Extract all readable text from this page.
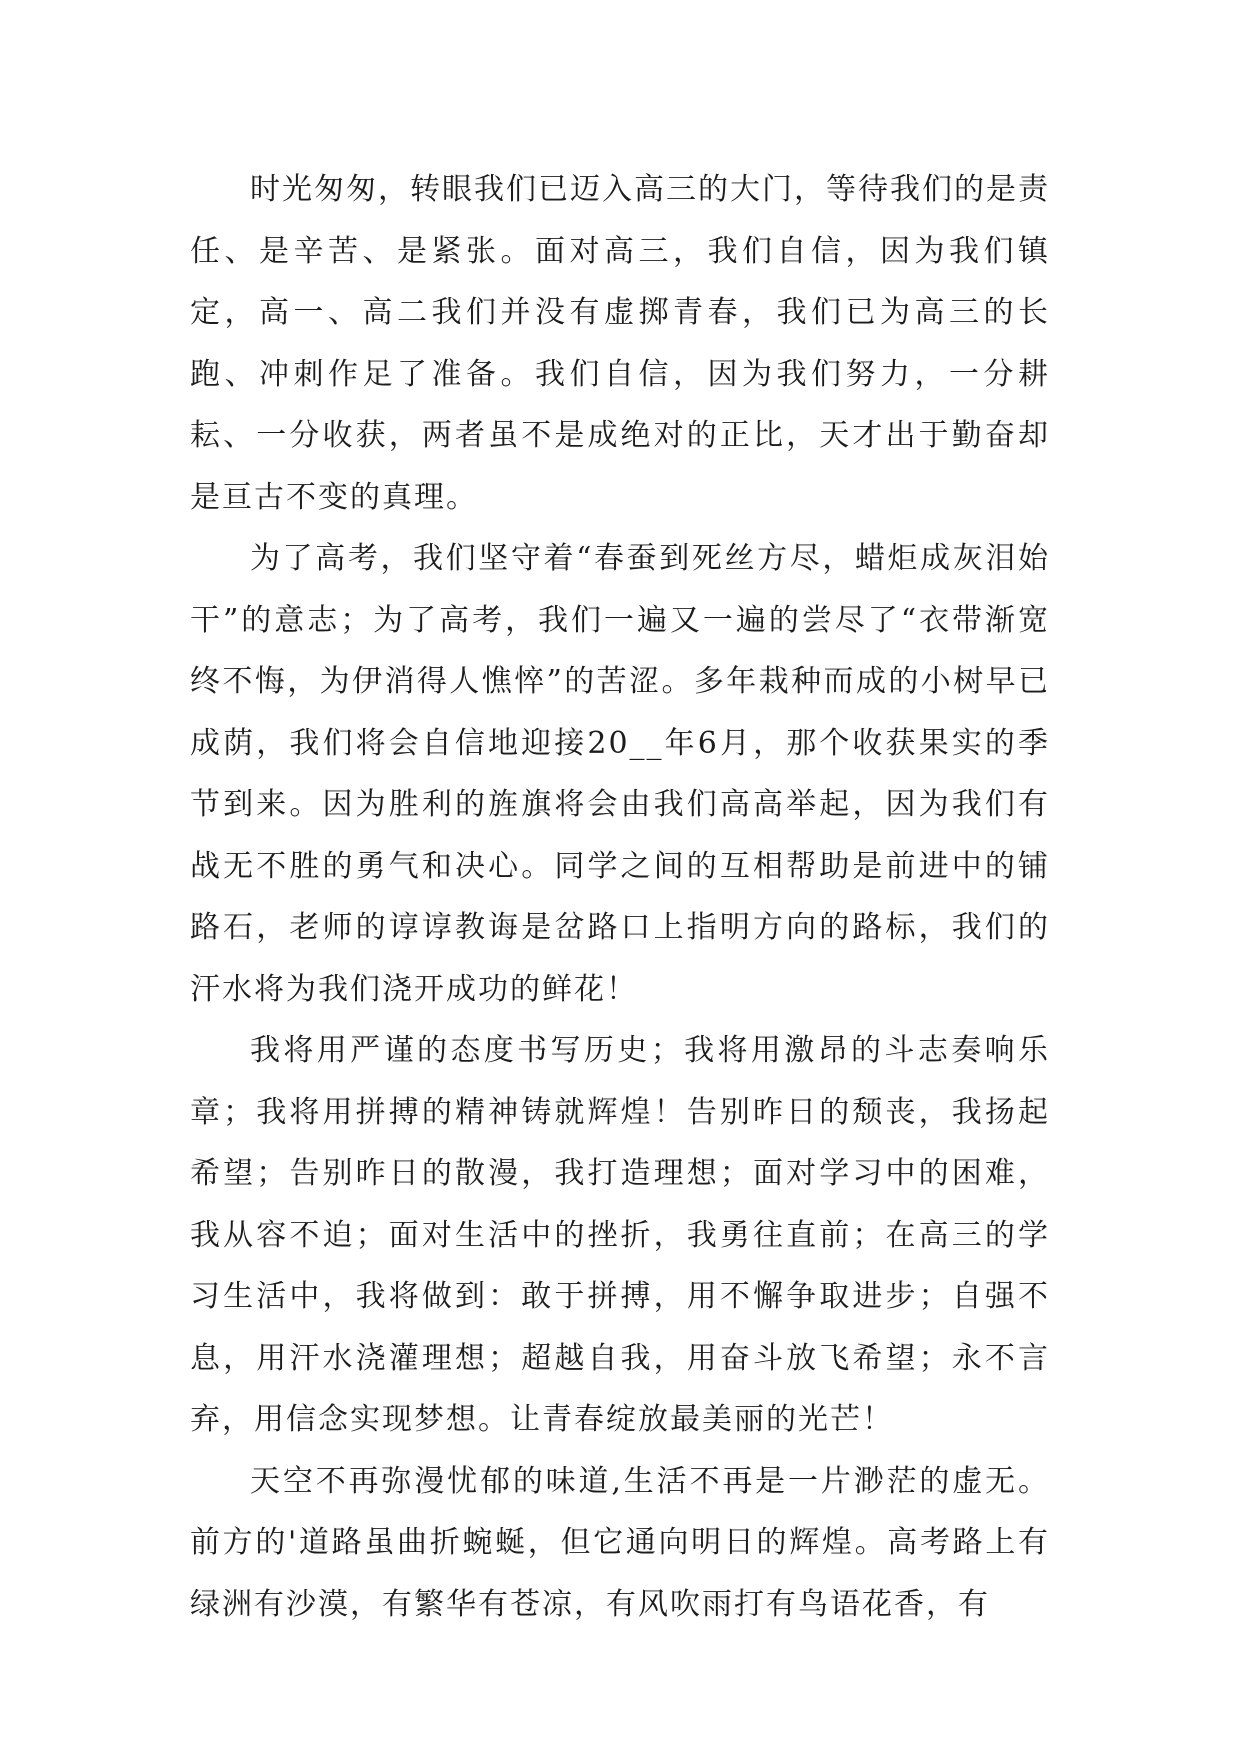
时光匆匆，转眼我们已迈入高三的大门，等待我们的是责任、是辛苦、是紧张。面对高三，我们自信，因为我们镇定，高一、高二我们并没有虚掷青春，我们已为高三的长跑、冲刺作足了准备。我们自信，因为我们努力，一分耕耘、一分收获，两者虽不是成绝对的正比，天才出于勤奋却是亘古不变的真理。

为了高考，我们坚守着“春蚕到死丝方尽，蜡炬成灰泪始干”的意志；为了高考，我们一遍又一遍的尝尽了“衣带渐宽终不悔，为伊消得人憔悴”的苦涩。多年栽种而成的小树早已成荫，我们将会自信地迎接20__年6月，那个收获果实的季节到来。因为胜利的旌旗将会由我们高高举起，因为我们有战无不胜的勇气和决心。同学之间的互相帮助是前进中的铺路石，老师的谆谆教诲是岔路口上指明方向的路标，我们的汗水将为我们浇开成功的鲜花！

我将用严谨的态度书写历史；我将用激昂的斗志奏响乐章；我将用拼搏的精神铸就辉煌！告别昨日的颓丧，我扬起希望；告别昨日的散漫，我打造理想；面对学习中的困难，我从容不迫；面对生活中的挫折，我勇往直前；在高三的学习生活中，我将做到：敢于拼搏，用不懈争取进步；自强不息，用汗水浇灌理想；超越自我，用奋斗放飞希望；永不言弃，用信念实现梦想。让青春绽放最美丽的光芒！

天空不再弥漫忧郁的味道,生活不再是一片渺茫的虚无。前方的'道路虽曲折蜿蜒，但它通向明日的辉煌。高考路上有绿洲有沙漠，有繁华有苍凉，有风吹雨打有鸟语花香，有
